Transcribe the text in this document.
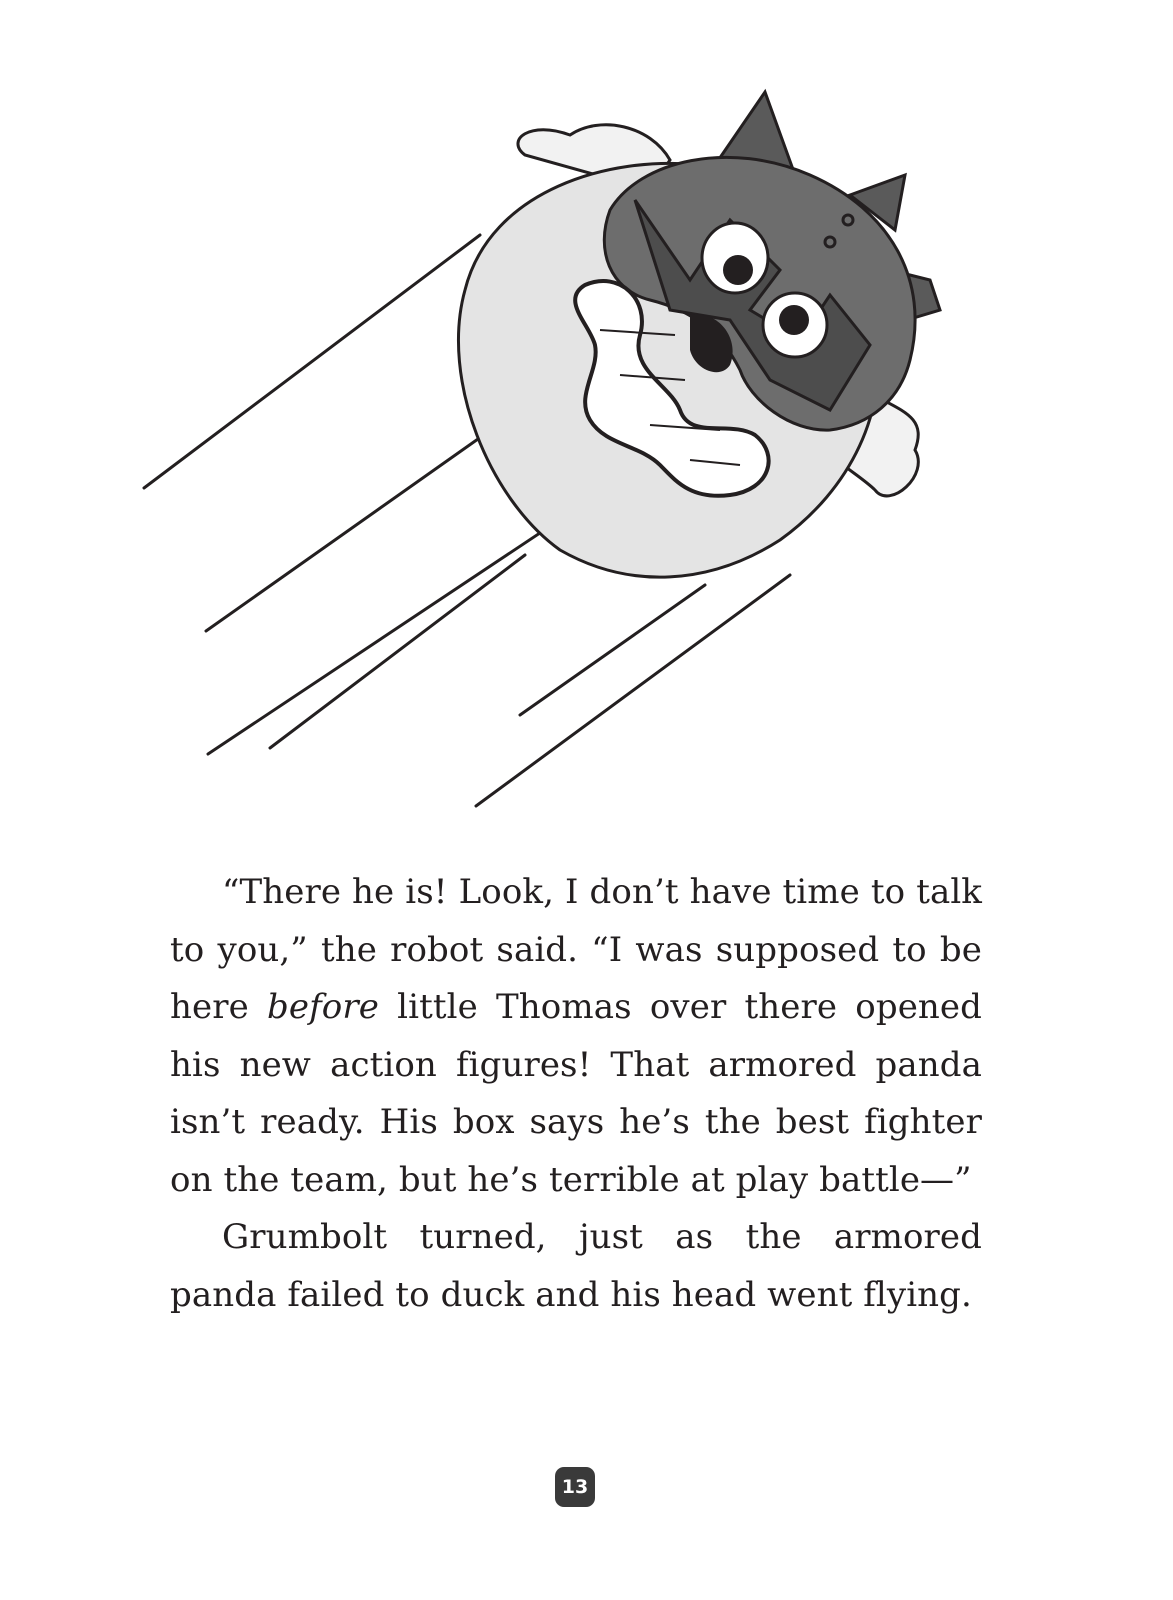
“There he is! Look, I don’t have time to talk to you,” the robot said. “I was supposed to be here before little Thomas over there opened his new action figures! That armored panda isn’t ready. His box says he’s the best fighter on the team, but he’s terrible at play battle—”

Grumbolt turned, just as the armored panda failed to duck and his head went flying.

13
